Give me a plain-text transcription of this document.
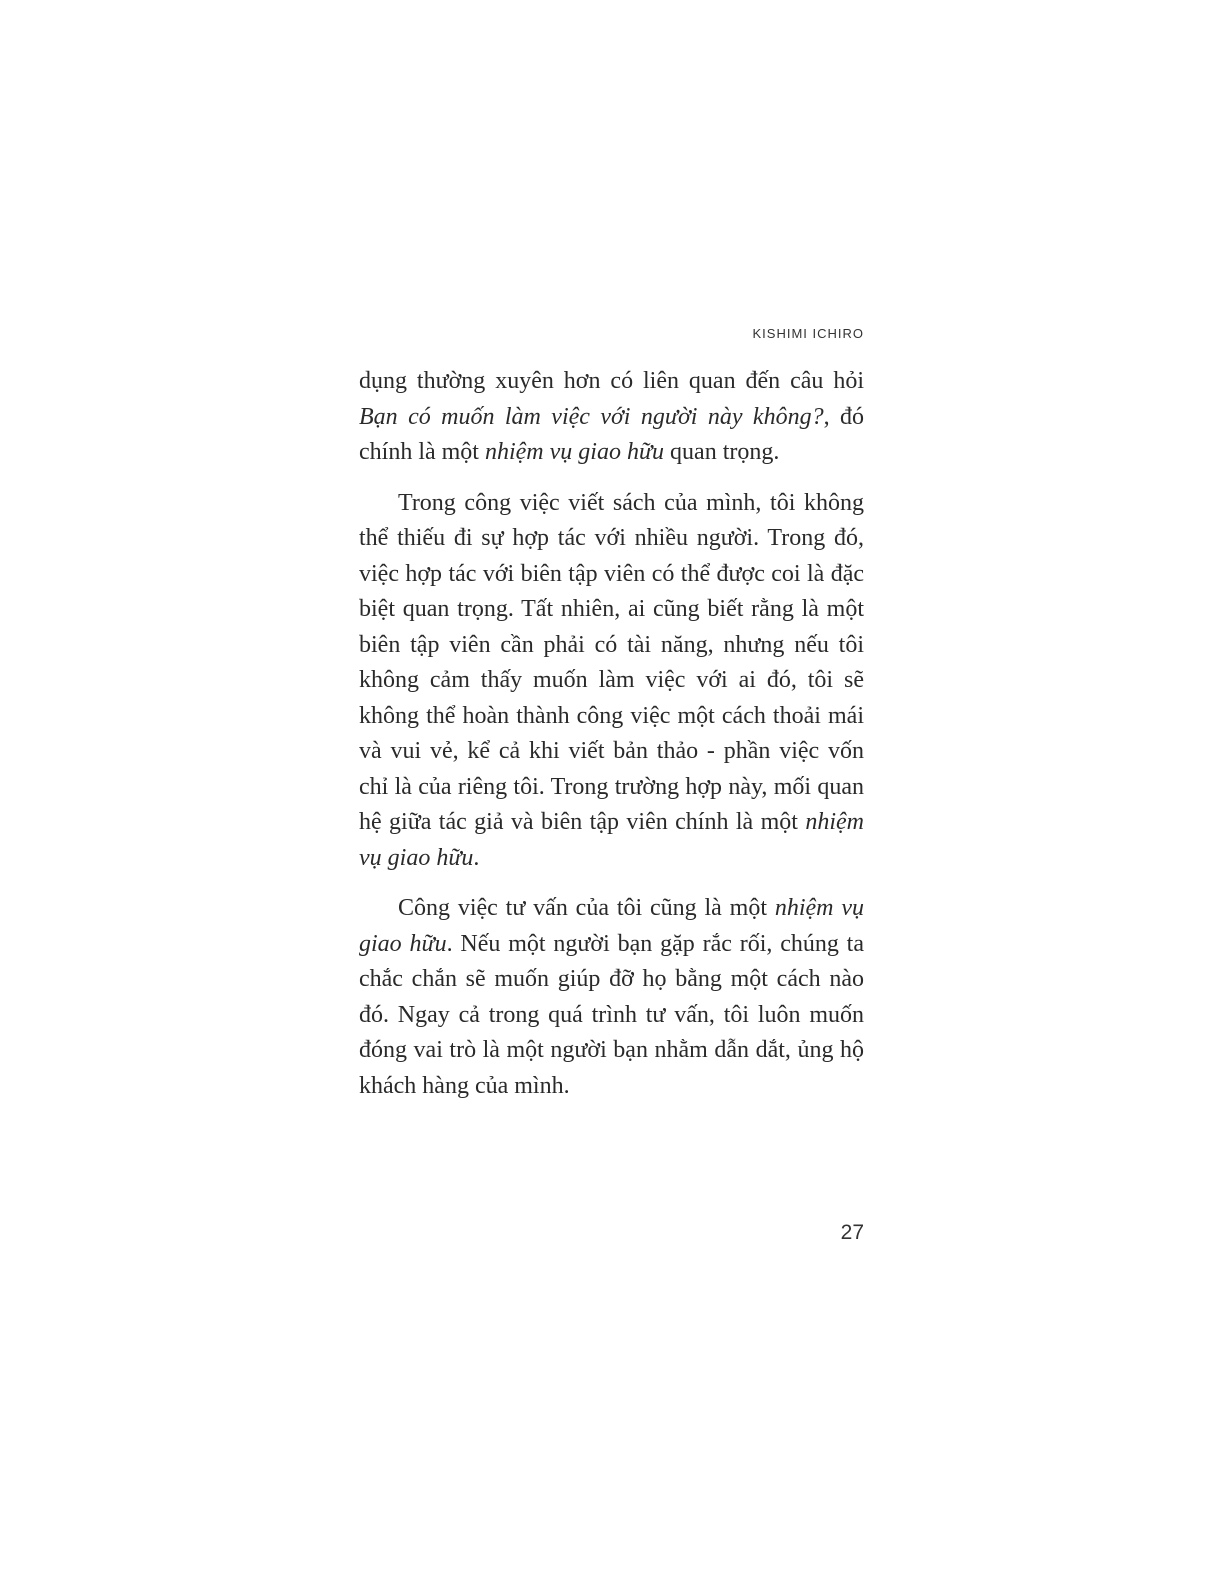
KISHIMI ICHIRO

dụng thường xuyên hơn có liên quan đến câu hỏi Bạn có muốn làm việc với người này không?, đó chính là một nhiệm vụ giao hữu quan trọng.

Trong công việc viết sách của mình, tôi không thể thiếu đi sự hợp tác với nhiều người. Trong đó, việc hợp tác với biên tập viên có thể được coi là đặc biệt quan trọng. Tất nhiên, ai cũng biết rằng là một biên tập viên cần phải có tài năng, nhưng nếu tôi không cảm thấy muốn làm việc với ai đó, tôi sẽ không thể hoàn thành công việc một cách thoải mái và vui vẻ, kể cả khi viết bản thảo - phần việc vốn chỉ là của riêng tôi. Trong trường hợp này, mối quan hệ giữa tác giả và biên tập viên chính là một nhiệm vụ giao hữu.

Công việc tư vấn của tôi cũng là một nhiệm vụ giao hữu. Nếu một người bạn gặp rắc rối, chúng ta chắc chắn sẽ muốn giúp đỡ họ bằng một cách nào đó. Ngay cả trong quá trình tư vấn, tôi luôn muốn đóng vai trò là một người bạn nhằm dẫn dắt, ủng hộ khách hàng của mình.

27
